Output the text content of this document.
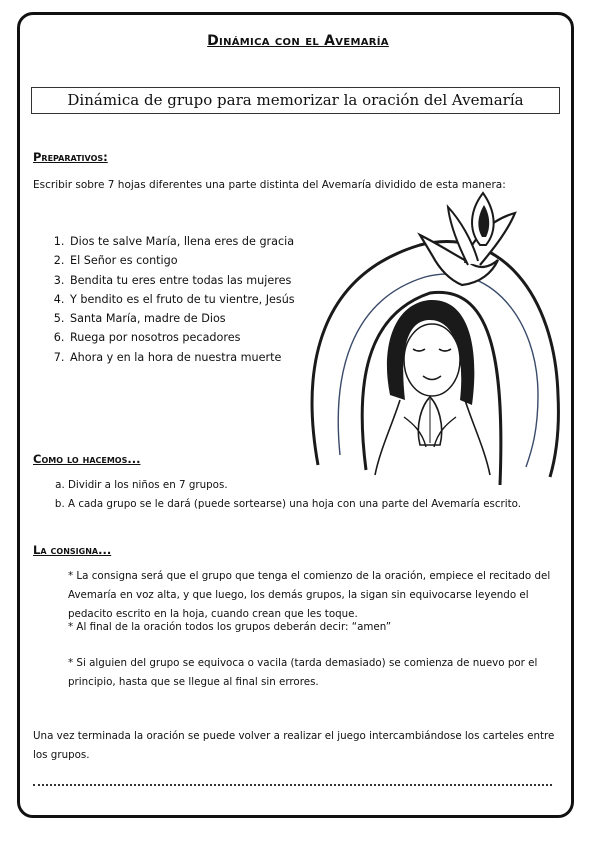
Dinámica con el Avemaría
Dinámica de grupo para memorizar la oración del Avemaría
Preparativos:
Escribir sobre 7 hojas diferentes una parte distinta del Avemaría dividido de esta manera:
1. Dios te salve María, llena eres de gracia
2. El Señor es contigo
3. Bendita tu eres entre todas las mujeres
4. Y bendito es el fruto de tu vientre, Jesús
5. Santa María, madre de Dios
6. Ruega por nosotros pecadores
7. Ahora y en la hora de nuestra muerte
Como lo hacemos...
a. Dividir a los niños en 7 grupos.
b. A cada grupo se le dará (puede sortearse) una hoja con una parte del Avemaría escrito.
La consigna...
* La consigna será que el grupo que tenga el comienzo de la oración, empiece el recitado del Avemaría en voz alta, y que luego, los demás grupos, la sigan sin equivocarse leyendo el pedacito escrito en la hoja, cuando crean que les toque.
* Al final de la oración todos los grupos deberán decir: “amen”
* Si alguien del grupo se equivoca o vacila (tarda demasiado) se comienza de nuevo por el principio, hasta que se llegue al final sin errores.
Una vez terminada la oración se puede volver a realizar el juego intercambiándose los carteles entre los grupos.
